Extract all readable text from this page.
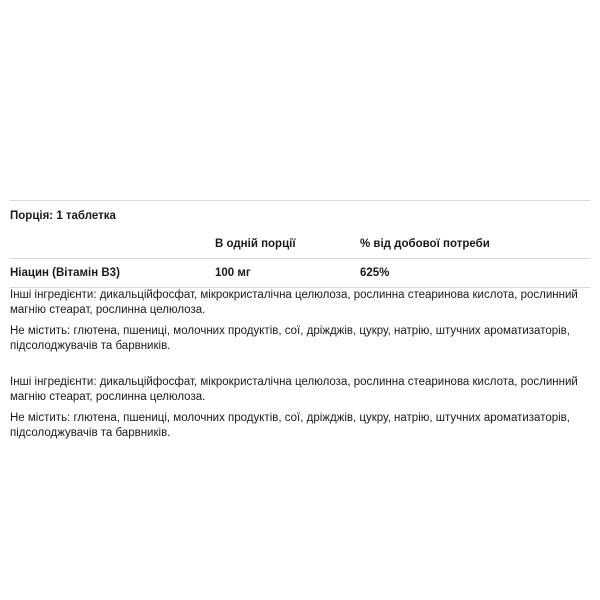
Порція: 1 таблетка
	В одній порції	% від добової потреби
Ніацин (Вітамін B3)	100 мг	625%

Інші інгредієнти: дикальційфосфат, мікрокристалічна целюлоза, рослинна стеаринова кислота, рослинний магнію стеарат, рослинна целюлоза.

Не містить: глютена, пшениці, молочних продуктів, сої, дріжджів, цукру, натрію, штучних ароматизаторів, підсолоджувачів та барвників.

Інші інгредієнти: дикальційфосфат, мікрокристалічна целюлоза, рослинна стеаринова кислота, рослинний магнію стеарат, рослинна целюлоза.

Не містить: глютена, пшениці, молочних продуктів, сої, дріжджів, цукру, натрію, штучних ароматизаторів, підсолоджувачів та барвників.
